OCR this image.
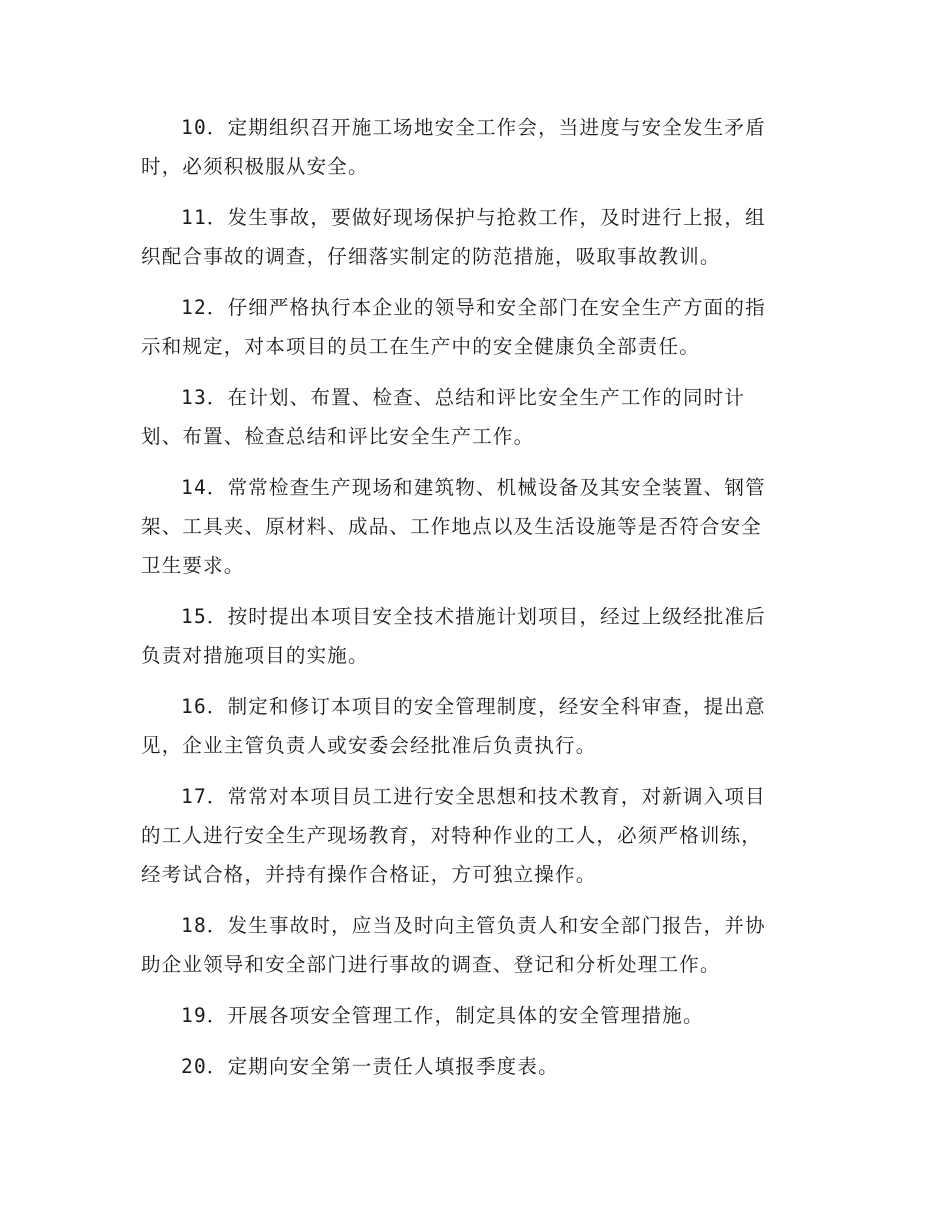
10．定期组织召开施工场地安全工作会，当进度与安全发生矛盾
时，必须积极服从安全。
11．发生事故，要做好现场保护与抢救工作，及时进行上报，组
织配合事故的调查，仔细落实制定的防范措施，吸取事故教训。
12．仔细严格执行本企业的领导和安全部门在安全生产方面的指
示和规定，对本项目的员工在生产中的安全健康负全部责任。
13．在计划、布置、检查、总结和评比安全生产工作的同时计
划、布置、检查总结和评比安全生产工作。
14．常常检查生产现场和建筑物、机械设备及其安全装置、钢管
架、工具夹、原材料、成品、工作地点以及生活设施等是否符合安全
卫生要求。
15．按时提出本项目安全技术措施计划项目，经过上级经批准后
负责对措施项目的实施。
16．制定和修订本项目的安全管理制度，经安全科审查，提出意
见，企业主管负责人或安委会经批准后负责执行。
17．常常对本项目员工进行安全思想和技术教育，对新调入项目
的工人进行安全生产现场教育，对特种作业的工人，必须严格训练，
经考试合格，并持有操作合格证，方可独立操作。
18．发生事故时，应当及时向主管负责人和安全部门报告，并协
助企业领导和安全部门进行事故的调查、登记和分析处理工作。
19．开展各项安全管理工作，制定具体的安全管理措施。
20．定期向安全第一责任人填报季度表。
